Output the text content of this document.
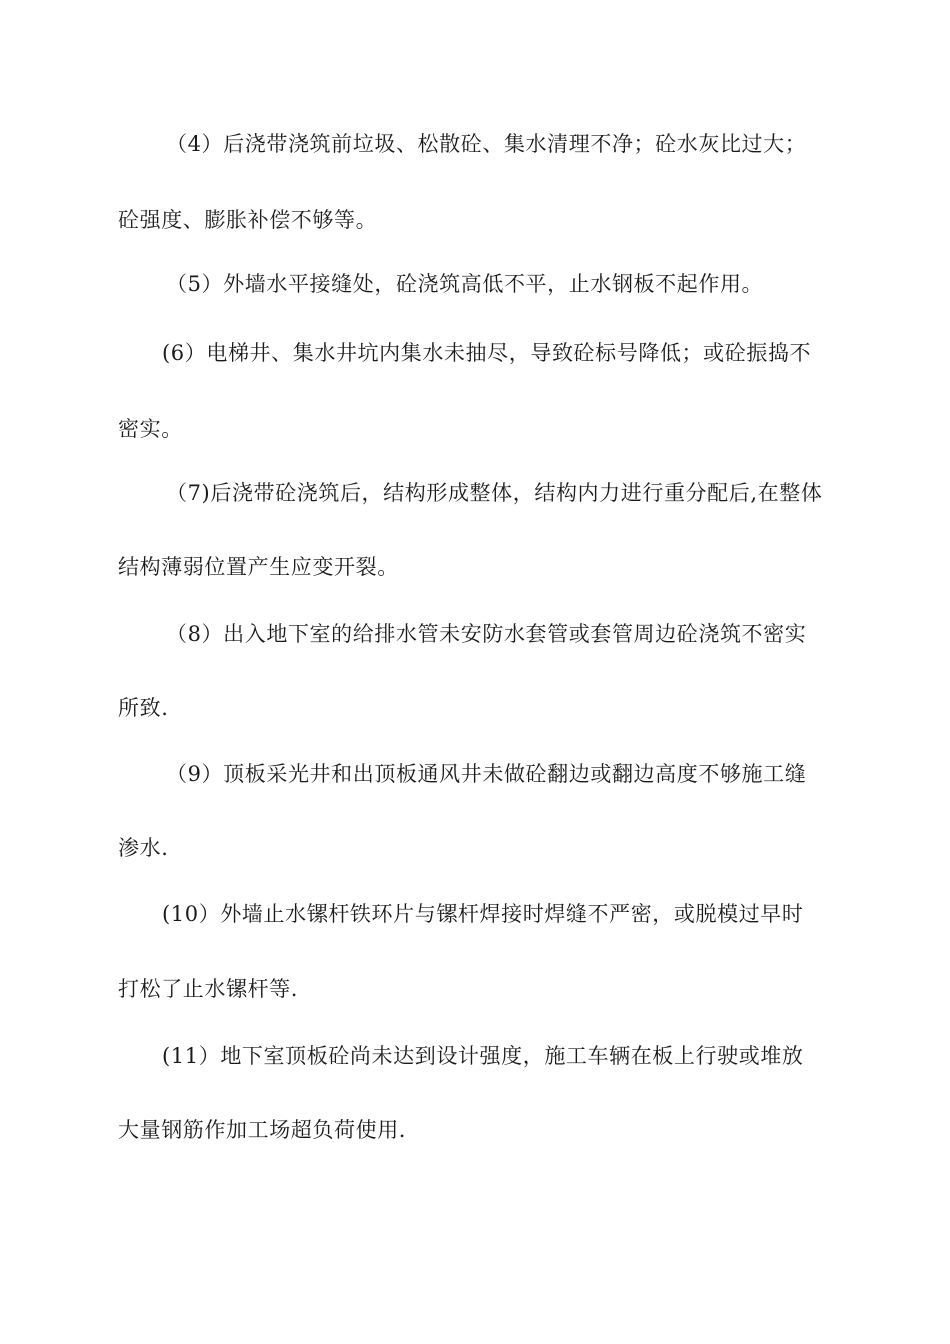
（4）后浇带浇筑前垃圾、松散砼、集水清理不净；砼水灰比过大；
砼强度、膨胀补偿不够等。
（5）外墙水平接缝处，砼浇筑高低不平，止水钢板不起作用。
(6）电梯井、集水井坑内集水未抽尽，导致砼标号降低；或砼振捣不
密实。
（7)后浇带砼浇筑后，结构形成整体，结构内力进行重分配后,在整体
结构薄弱位置产生应变开裂。
（8）出入地下室的给排水管未安防水套管或套管周边砼浇筑不密实
所致.
（9）顶板采光井和出顶板通风井未做砼翻边或翻边高度不够施工缝
渗水.
(10）外墙止水镙杆铁环片与镙杆焊接时焊缝不严密，或脱模过早时
打松了止水镙杆等.
(11）地下室顶板砼尚未达到设计强度，施工车辆在板上行驶或堆放
大量钢筋作加工场超负荷使用.
